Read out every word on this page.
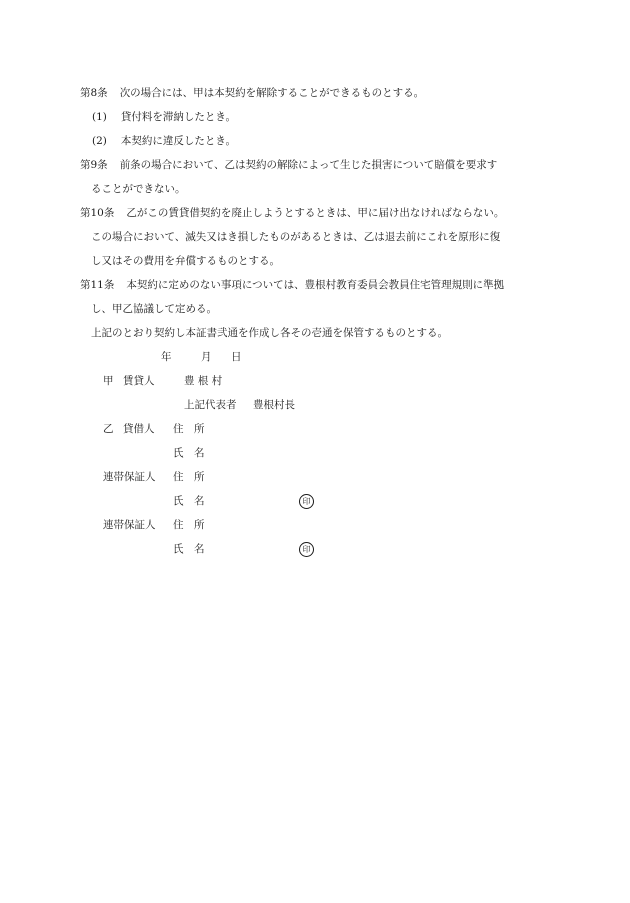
第8条 次の場合には、甲は本契約を解除することができるものとする。
(1) 貸付料を滞納したとき。
(2) 本契約に違反したとき。
第9条 前条の場合において、乙は契約の解除によって生じた損害について賠償を要求す
ることができない。
第10条 乙がこの賃貸借契約を廃止しようとするときは、甲に届け出なければならない。
この場合において、滅失又はき損したものがあるときは、乙は退去前にこれを原形に復
し又はその費用を弁償するものとする。
第11条 本契約に定めのない事項については、豊根村教育委員会教員住宅管理規則に準拠
し、甲乙協議して定める。
上記のとおり契約し本証書弐通を作成し各その壱通を保管するものとする。
年	月 日
甲 賃貸人	豊 根 村
上記代表者 豊根村長
乙 貸借人 住　所
氏　名
連帯保証人 住　所
氏　名	印
連帯保証人 住　所
氏　名	印
